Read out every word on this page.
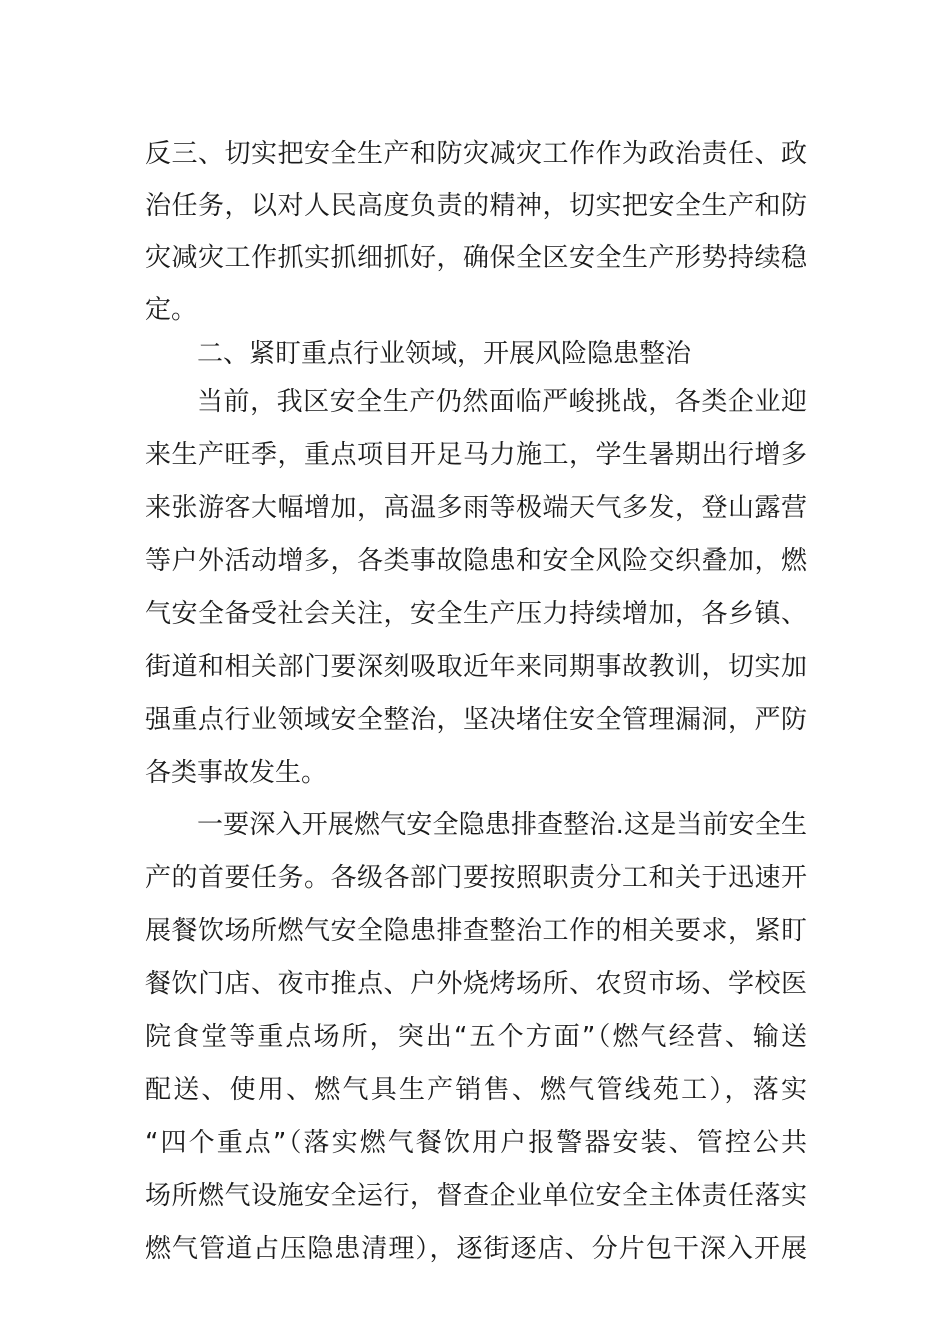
反三、切实把安全生产和防灾减灾工作作为政治责任、政
治任务，以对人民高度负责的精神，切实把安全生产和防
灾减灾工作抓实抓细抓好，确保全区安全生产形势持续稳
定。
二、紧盯重点行业领域，开展风险隐患整治
当前，我区安全生产仍然面临严峻挑战，各类企业迎
来生产旺季，重点项目开足马力施工，学生暑期出行增多
来张游客大幅增加，高温多雨等极端天气多发，登山露营
等户外活动增多，各类事故隐患和安全风险交织叠加，燃
气安全备受社会关注，安全生产压力持续增加，各乡镇、
街道和相关部门要深刻吸取近年来同期事故教训，切实加
强重点行业领域安全整治，坚决堵住安全管理漏洞，严防
各类事故发生。
一要深入开展燃气安全隐患排查整治.这是当前安全生
产的首要任务。各级各部门要按照职责分工和关于迅速开
展餐饮场所燃气安全隐患排查整治工作的相关要求，紧盯
餐饮门店、夜市推点、户外烧烤场所、农贸市场、学校医
院食堂等重点场所，突出“五个方面”（燃气经营、输送
配送、使用、燃气具生产销售、燃气管线苑工），落实
“四个重点”（落实燃气餐饮用户报警器安装、管控公共
场所燃气设施安全运行，督查企业单位安全主体责任落实
燃气管道占压隐患清理），逐街逐店、分片包干深入开展
